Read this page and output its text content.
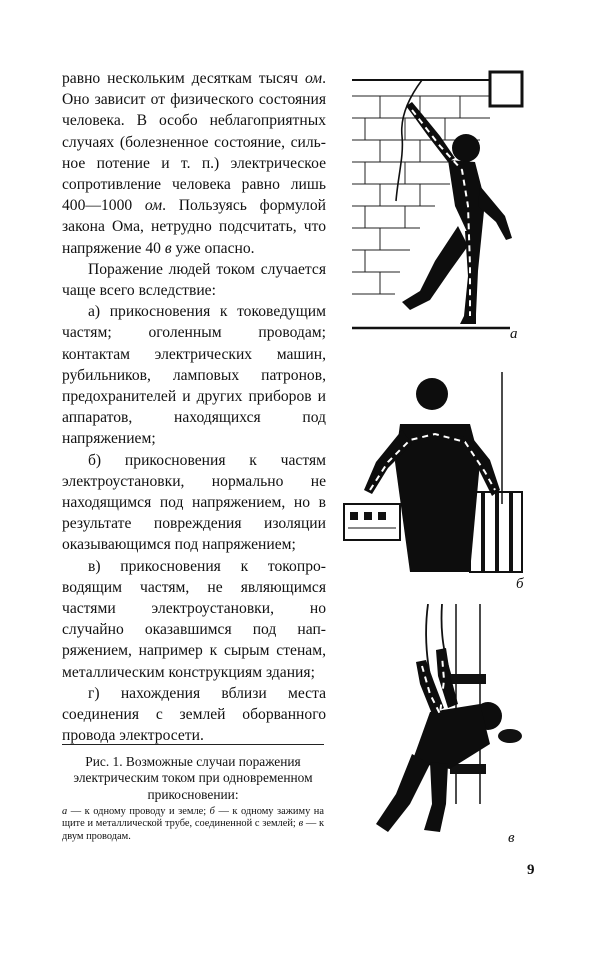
равно нескольким десяткам тысяч ом. Оно зависит от физического состояния человека. В особо неблагоприятных случаях (болезненное состояние, сильное потение и т. п.) электрическое сопротивление человека равно лишь 400—1000 ом. Пользуясь формулой закона Ома, нетрудно подсчитать, что напряжение 40 в уже опасно.

Поражение людей током случается чаще всего вследствие:

а) прикосновения к токоведущим частям; оголенным проводам; контактам электрических машин, рубильников, ламповых патронов, предохранителей и других приборов и аппаратов, находящихся под напряжением;

б) прикосновения к частям электроустановки, нормально не находящимся под напряжением, но в результате повреждения изоляции оказывающимся под напряжением;

в) прикосновения к токопроводящим частям, не являющимся частями электроустановки, но случайно оказавшимся под напряжением, например к сырым стенам, металлическим конструкциям здания;

г) нахождения вблизи места соединения с землей оборванного провода электросети.

Рис. 1. Возможные случаи поражения электрическим током при одновременном прикосновении:
а — к одному проводу и земле; б — к одному зажиму на щите и металлической трубе, соединенной с землей; в — к двум проводам.
9
а
б
в
